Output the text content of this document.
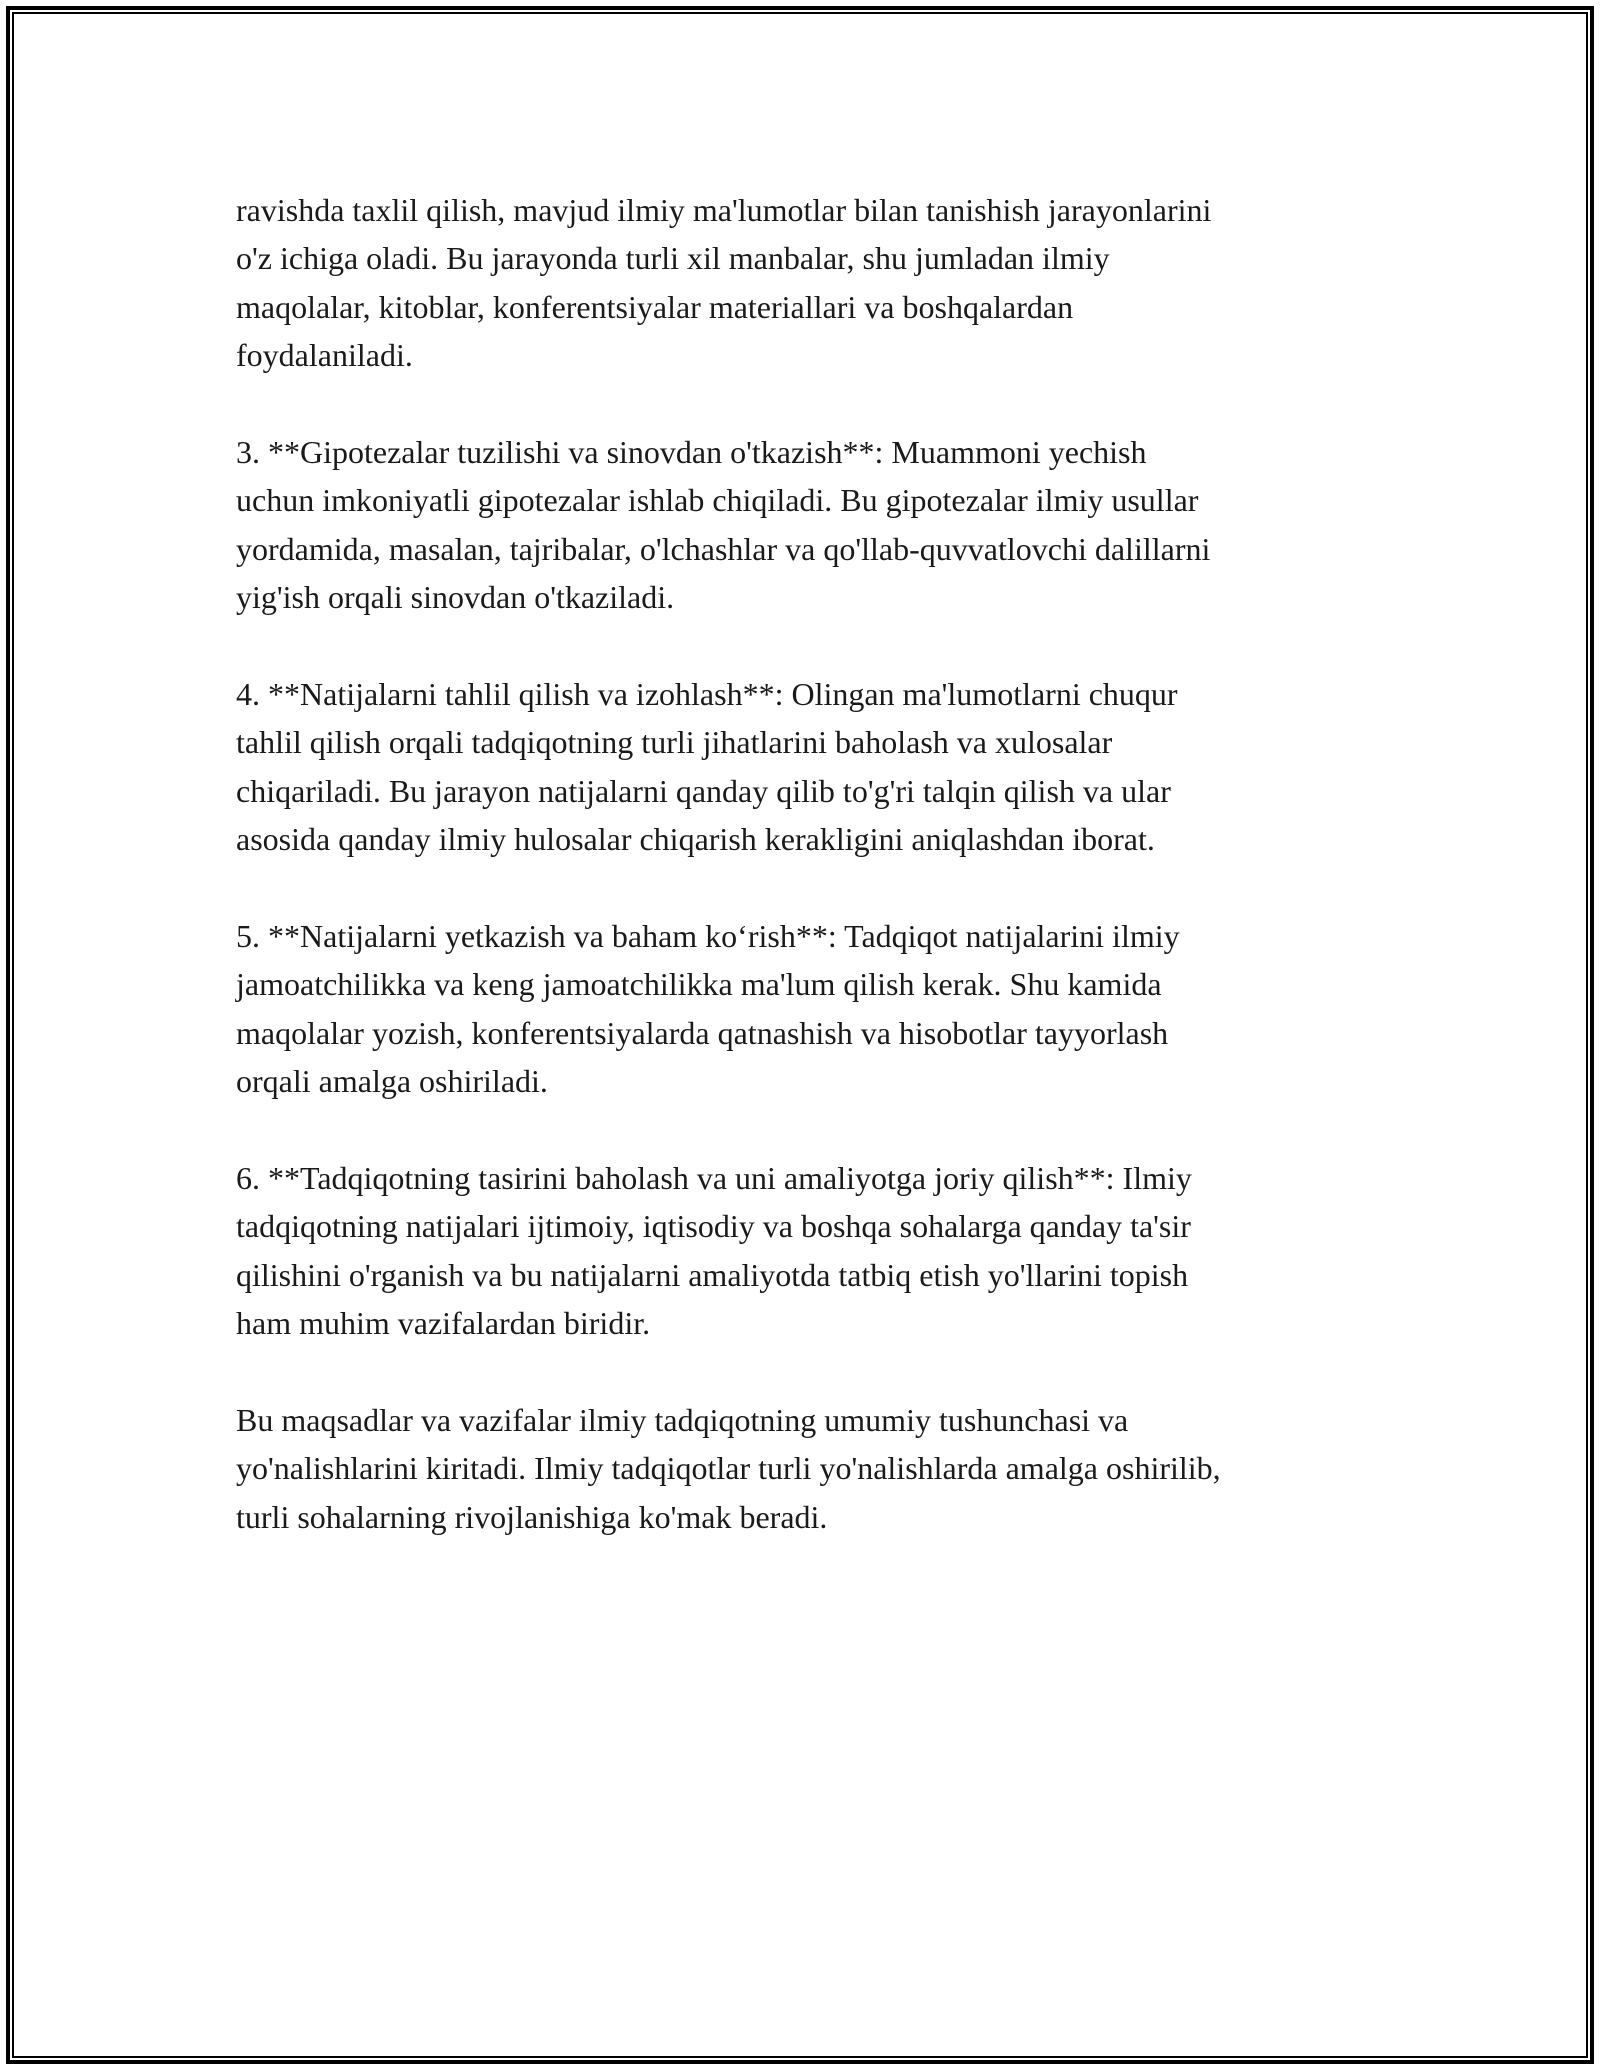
ravishda taxlil qilish, mavjud ilmiy ma'lumotlar bilan tanishish jarayonlarini
o'z ichiga oladi. Bu jarayonda turli xil manbalar, shu jumladan ilmiy
maqolalar, kitoblar, konferentsiyalar materiallari va boshqalardan
foydalaniladi.

3. **Gipotezalar tuzilishi va sinovdan o'tkazish**: Muammoni yechish
uchun imkoniyatli gipotezalar ishlab chiqiladi. Bu gipotezalar ilmiy usullar
yordamida, masalan, tajribalar, o'lchashlar va qo'llab-quvvatlovchi dalillarni
yig'ish orqali sinovdan o'tkaziladi.

4. **Natijalarni tahlil qilish va izohlash**: Olingan ma'lumotlarni chuqur
tahlil qilish orqali tadqiqotning turli jihatlarini baholash va xulosalar
chiqariladi. Bu jarayon natijalarni qanday qilib to'g'ri talqin qilish va ular
asosida qanday ilmiy hulosalar chiqarish kerakligini aniqlashdan iborat.

5. **Natijalarni yetkazish va baham ko‘rish**: Tadqiqot natijalarini ilmiy
jamoatchilikka va keng jamoatchilikka ma'lum qilish kerak. Shu kamida
maqolalar yozish, konferentsiyalarda qatnashish va hisobotlar tayyorlash
orqali amalga oshiriladi.

6. **Tadqiqotning tasirini baholash va uni amaliyotga joriy qilish**: Ilmiy
tadqiqotning natijalari ijtimoiy, iqtisodiy va boshqa sohalarga qanday ta'sir
qilishini o'rganish va bu natijalarni amaliyotda tatbiq etish yo'llarini topish
ham muhim vazifalardan biridir.

Bu maqsadlar va vazifalar ilmiy tadqiqotning umumiy tushunchasi va
yo'nalishlarini kiritadi. Ilmiy tadqiqotlar turli yo'nalishlarda amalga oshirilib,
turli sohalarning rivojlanishiga ko'mak beradi.
